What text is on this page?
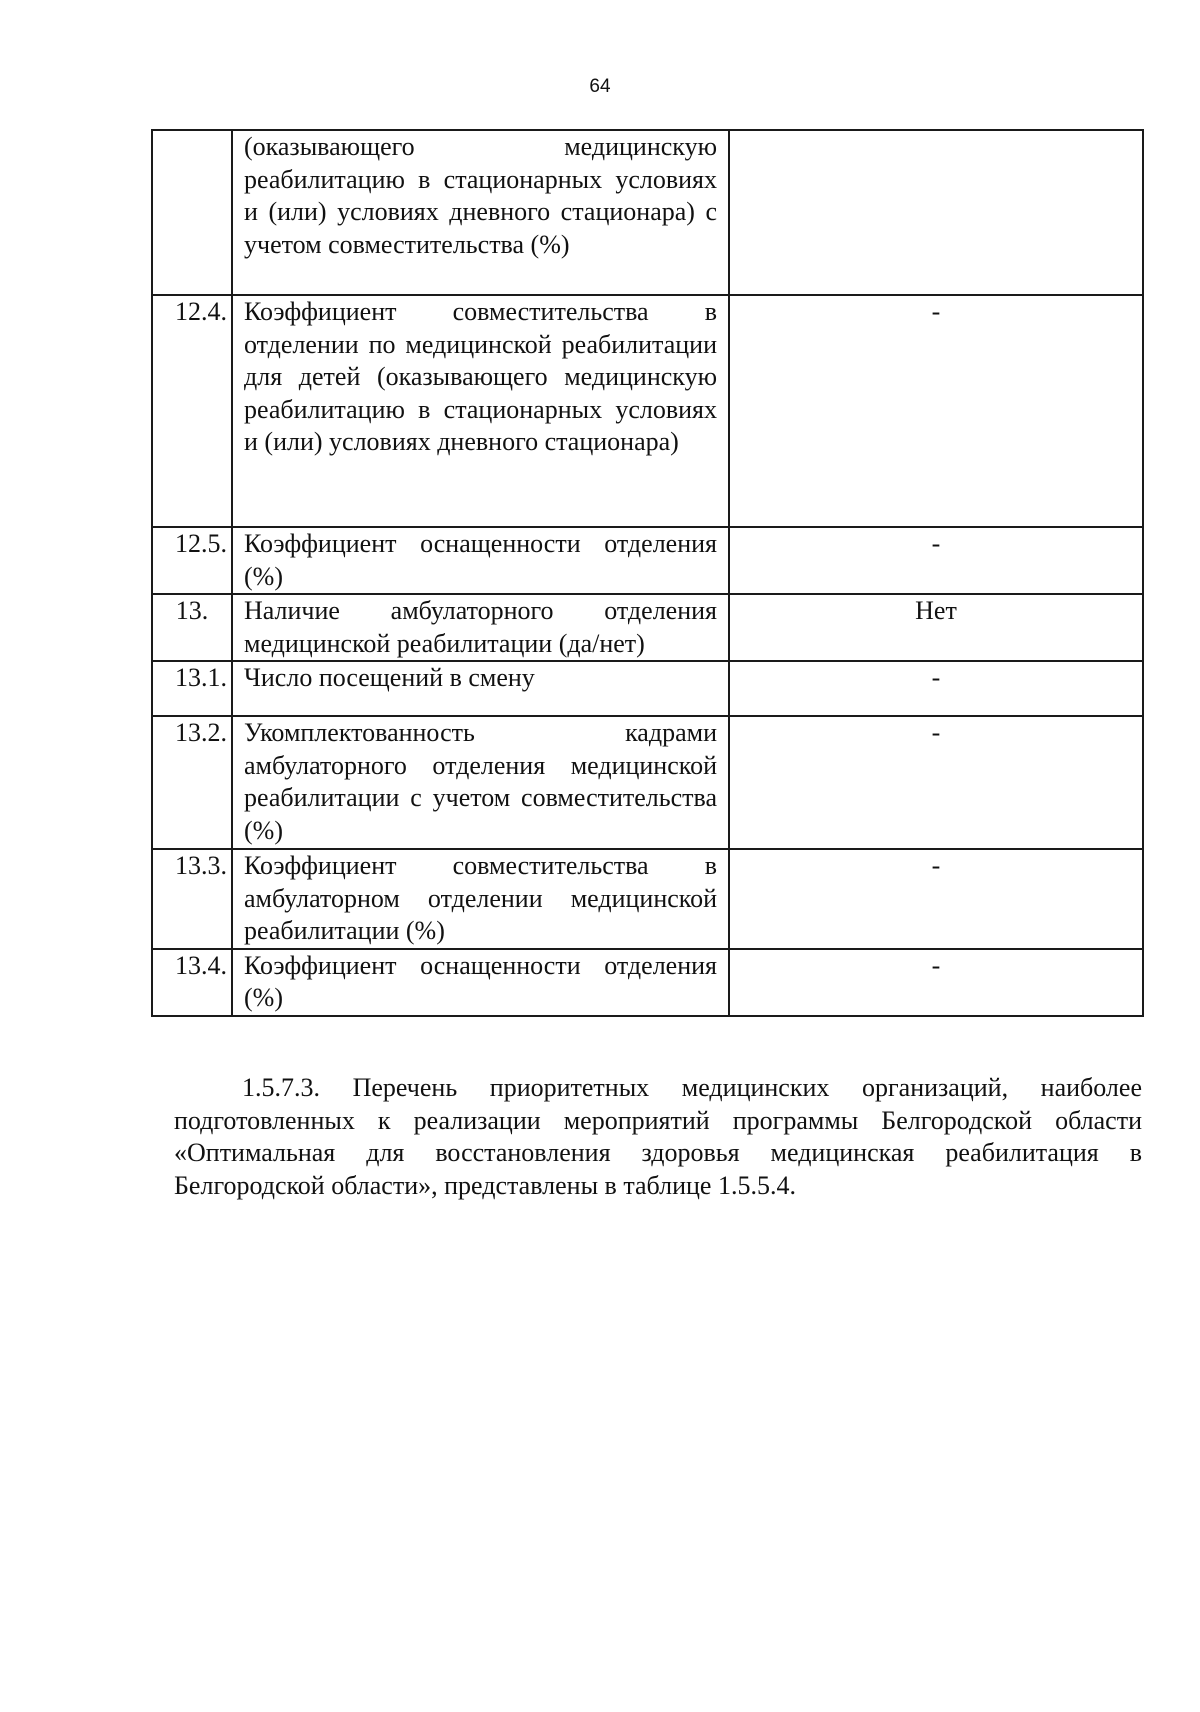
64
	(оказывающего медицинскую реабилитацию в стационарных условиях и (или) условиях дневного стационара) с учетом совместительства (%)	
12.4.	Коэффициент совместительства в отделении по медицинской реабилитации для детей (оказывающего медицинскую реабилитацию в стационарных условиях и (или) условиях дневного стационара)	-
12.5.	Коэффициент оснащенности отделения (%)	-
13.	Наличие амбулаторного отделения медицинской реабилитации (да/нет)	Нет
13.1.	Число посещений в смену	-
13.2.	Укомплектованность кадрами амбулаторного отделения медицинской реабилитации с учетом совместительства (%)	-
13.3.	Коэффициент совместительства в амбулаторном отделении медицинской реабилитации (%)	-
13.4.	Коэффициент оснащенности отделения (%)	-

1.5.7.3. Перечень приоритетных медицинских организаций, наиболее подготовленных к реализации мероприятий программы Белгородской области «Оптимальная для восстановления здоровья медицинская реабилитация в Белгородской области», представлены в таблице 1.5.5.4.
